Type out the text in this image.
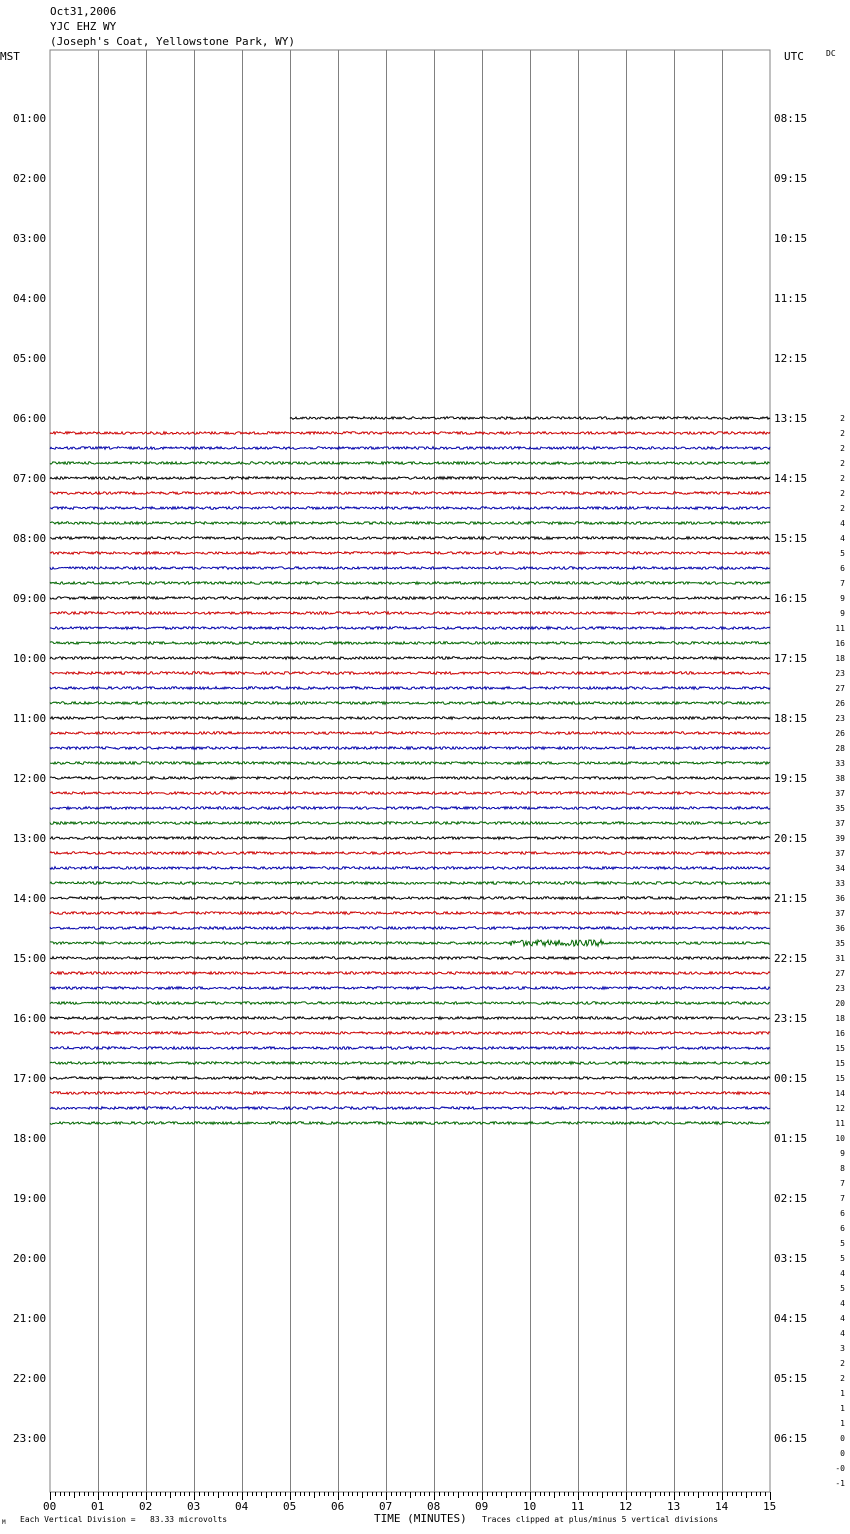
Oct31,2006
YJC EHZ WY
(Joseph's Coat, Yellowstone Park, WY)
MST	UTC	DC
01:00
02:00
03:00
04:00
05:00
06:00
07:00
08:00
09:00
10:00
11:00
12:00
13:00
14:00
15:00
16:00
17:00
18:00
19:00
20:00
21:00
22:00
23:00
08:15
09:15
10:15
11:15
12:15
13:15
14:15
15:15
16:15
17:15
18:15
19:15
20:15
21:15
22:15
23:15
00:15
01:15
02:15
03:15
04:15
05:15
06:15
2
2
2
2
2
2
2
4
4
5
6
7
9
9
11
16
18
23
27
26
23
26
28
33
38
37
35
37
39
37
34
33
36
37
36
35
31
27
23
20
18
16
15
15
15
14
12
11
10
9
8
7
7
6
6
5
5
4
5
4
4
4
3
2
2
1
1
1
0
0
-0
-1
00	01	02	03	04	05	06	07	08	09	10	11	12	13	14	15
TIME (MINUTES)
Each Vertical Division =   83.33 microvolts	Traces clipped at plus/minus 5 vertical divisions
M
